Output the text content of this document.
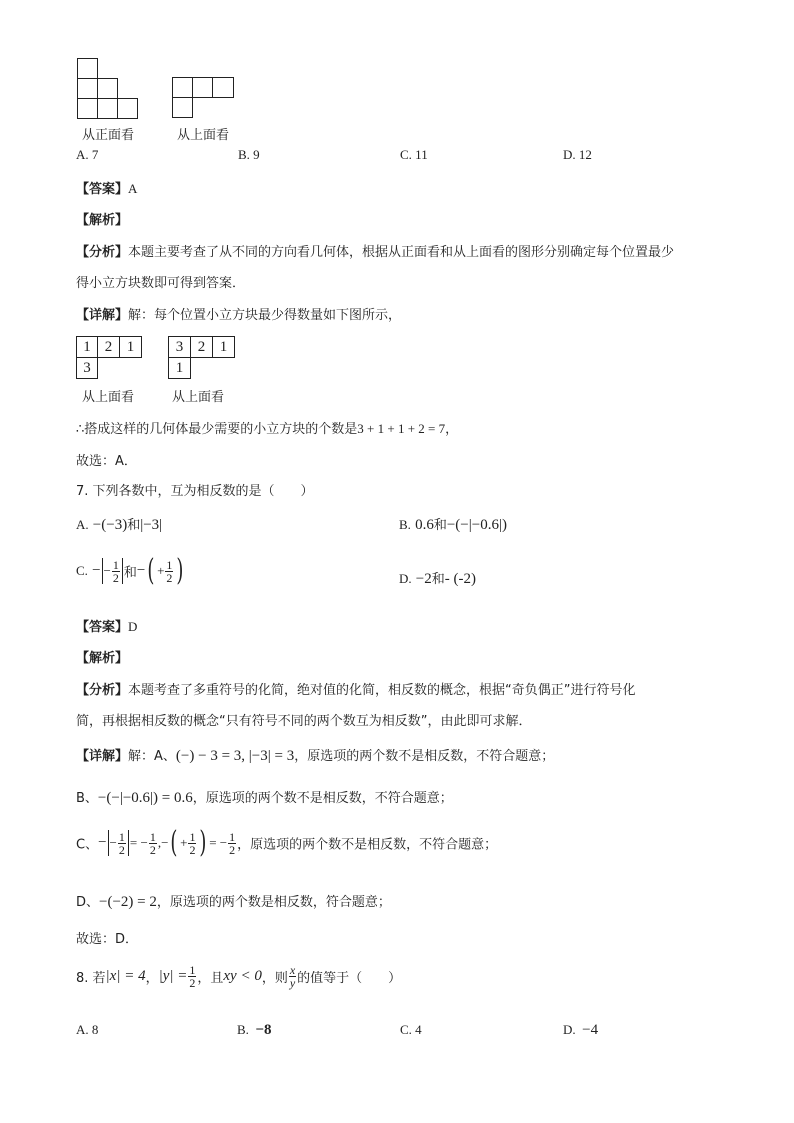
从正面看	从上面看
A. 7	B. 9	C. 11	D. 12
【答案】A
【解析】
【分析】本题主要考查了从不同的方向看几何体，根据从正面看和从上面看的图形分别确定每个位置最少
得小立方块数即可得到答案．
【详解】解：每个位置小立方块最少得数量如下图所示，
1 2 1
3
从上面看
3 2 1
1
从上面看
∴搭成这样的几何体最少需要的小立方块的个数是3 + 1 + 1 + 2 = 7，
故选：A．
7. 下列各数中，互为相反数的是（　　）
A. −(−3)和|−3|	B. 0.6和−(−|−0.6|)
C. − − $\frac{1}{2}$ 和−( + $\frac{1}{2}$ )	D. −2和- (-2)
【答案】D
【解析】
【分析】本题考查了多重符号的化简，绝对值的化简，相反数的概念，根据“奇负偶正”进行符号化
简，再根据相反数的概念“只有符号不同的两个数互为相反数”，由此即可求解．
【详解】解：A、(−) − 3 = 3, |−3| = 3，原选项的两个数不是相反数，不符合题意；
B、−(−|−0.6|) = 0.6，原选项的两个数不是相反数，不符合题意；
C、− − $\frac{1}{2}$ = − $\frac{1}{2}$ ,−( + $\frac{1}{2}$ ) = − $\frac{1}{2}$ ，原选项的两个数不是相反数，不符合题意；
D、−(−2) = 2，原选项的两个数是相反数，符合题意；
故选：D．
8. 若|x| = 4，$|y| = \frac{1}{2}$ ，且xy < 0，则 $\frac{x}{y}$ 的值等于（　　）
A. 8	B. −8	C. 4	D. −4
